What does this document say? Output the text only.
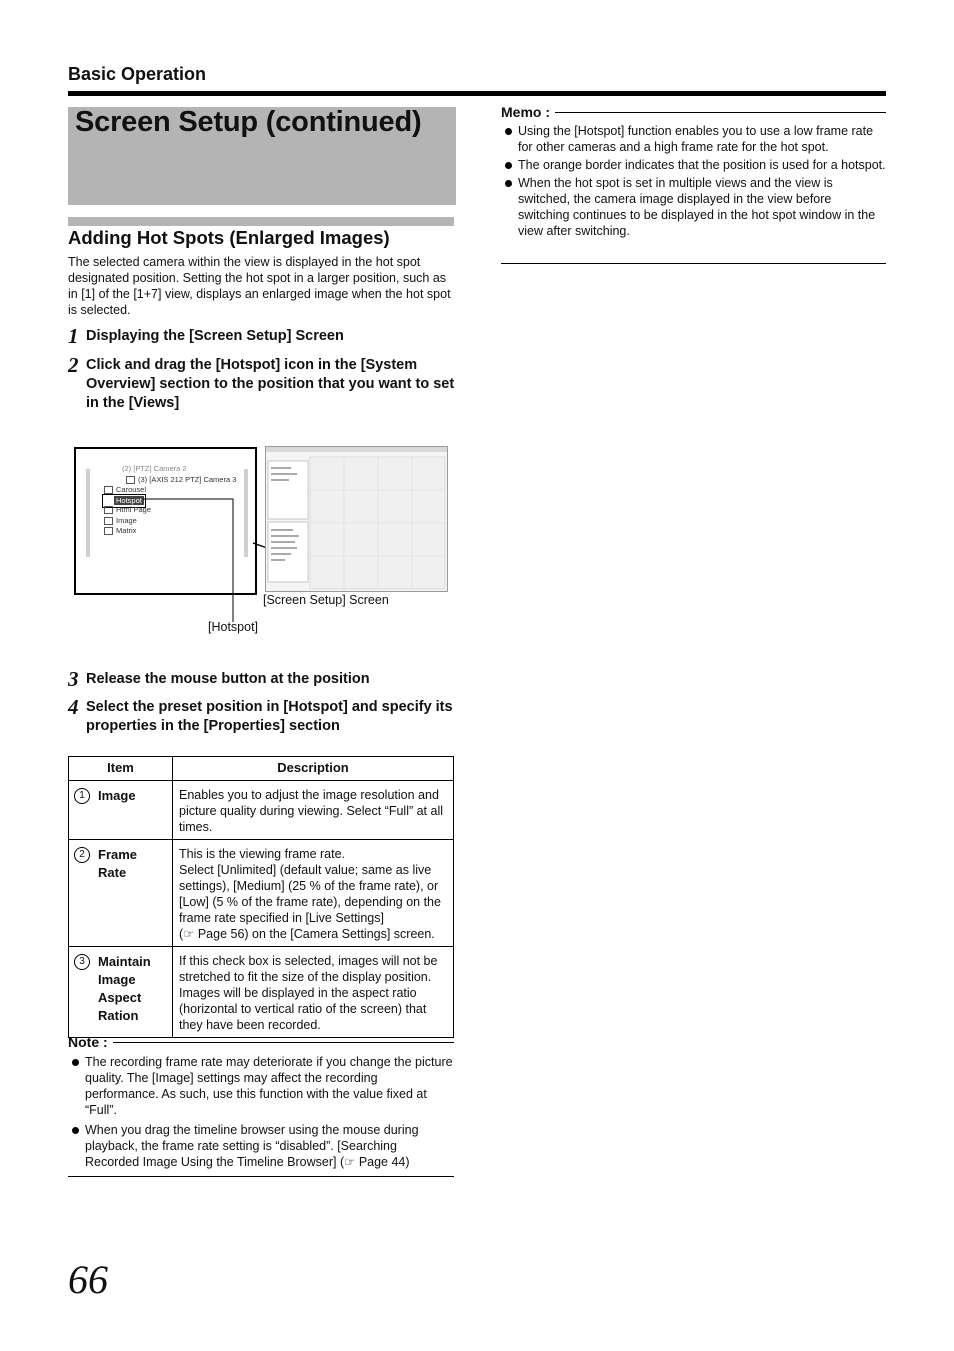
Basic Operation
Screen Setup (continued)
Adding Hot Spots (Enlarged Images)
The selected camera within the view is displayed in the hot spot designated position. Setting the hot spot in a larger position, such as in [1] of the [1+7] view, displays an enlarged image when the hot spot is selected.
1 Displaying the [Screen Setup] Screen
2 Click and drag the [Hotspot] icon in the [System Overview] section to the position that you want to set in the [Views]
(2) [PTZ] Camera 2
(3) [AXIS 212 PTZ] Camera 3
Carousel
Hotspot
Html Page
Image
Matrix
[Screen Setup] Screen
[Hotspot]
3 Release the mouse button at the position
4 Select the preset position in [Hotspot] and specify its properties in the [Properties] section
Item	Description

1 Image	Enables you to adjust the image resolution and picture quality during viewing. Select “Full” at all times.

2 Frame Rate	This is the viewing frame rate.
Select [Unlimited] (default value; same as live settings), [Medium] (25 % of the frame rate), or [Low] (5 % of the frame rate), depending on the frame rate specified in [Live Settings]
(☞ Page 56) on the [Camera Settings] screen.

3 Maintain Image Aspect Ration	If this check box is selected, images will not be stretched to fit the size of the display position. Images will be displayed in the aspect ratio (horizontal to vertical ratio of the screen) that they have been recorded.
Note :
The recording frame rate may deteriorate if you change the picture quality. The [Image] settings may affect the recording performance. As such, use this function with the value fixed at “Full”.
When you drag the timeline browser using the mouse during playback, the frame rate setting is “disabled”. [Searching Recorded Image Using the Timeline Browser] (☞ Page 44)
Memo :
Using the [Hotspot] function enables you to use a low frame rate for other cameras and a high frame rate for the hot spot.
The orange border indicates that the position is used for a hotspot.
When the hot spot is set in multiple views and the view is switched, the camera image displayed in the view before switching continues to be displayed in the hot spot window in the view after switching.
66
